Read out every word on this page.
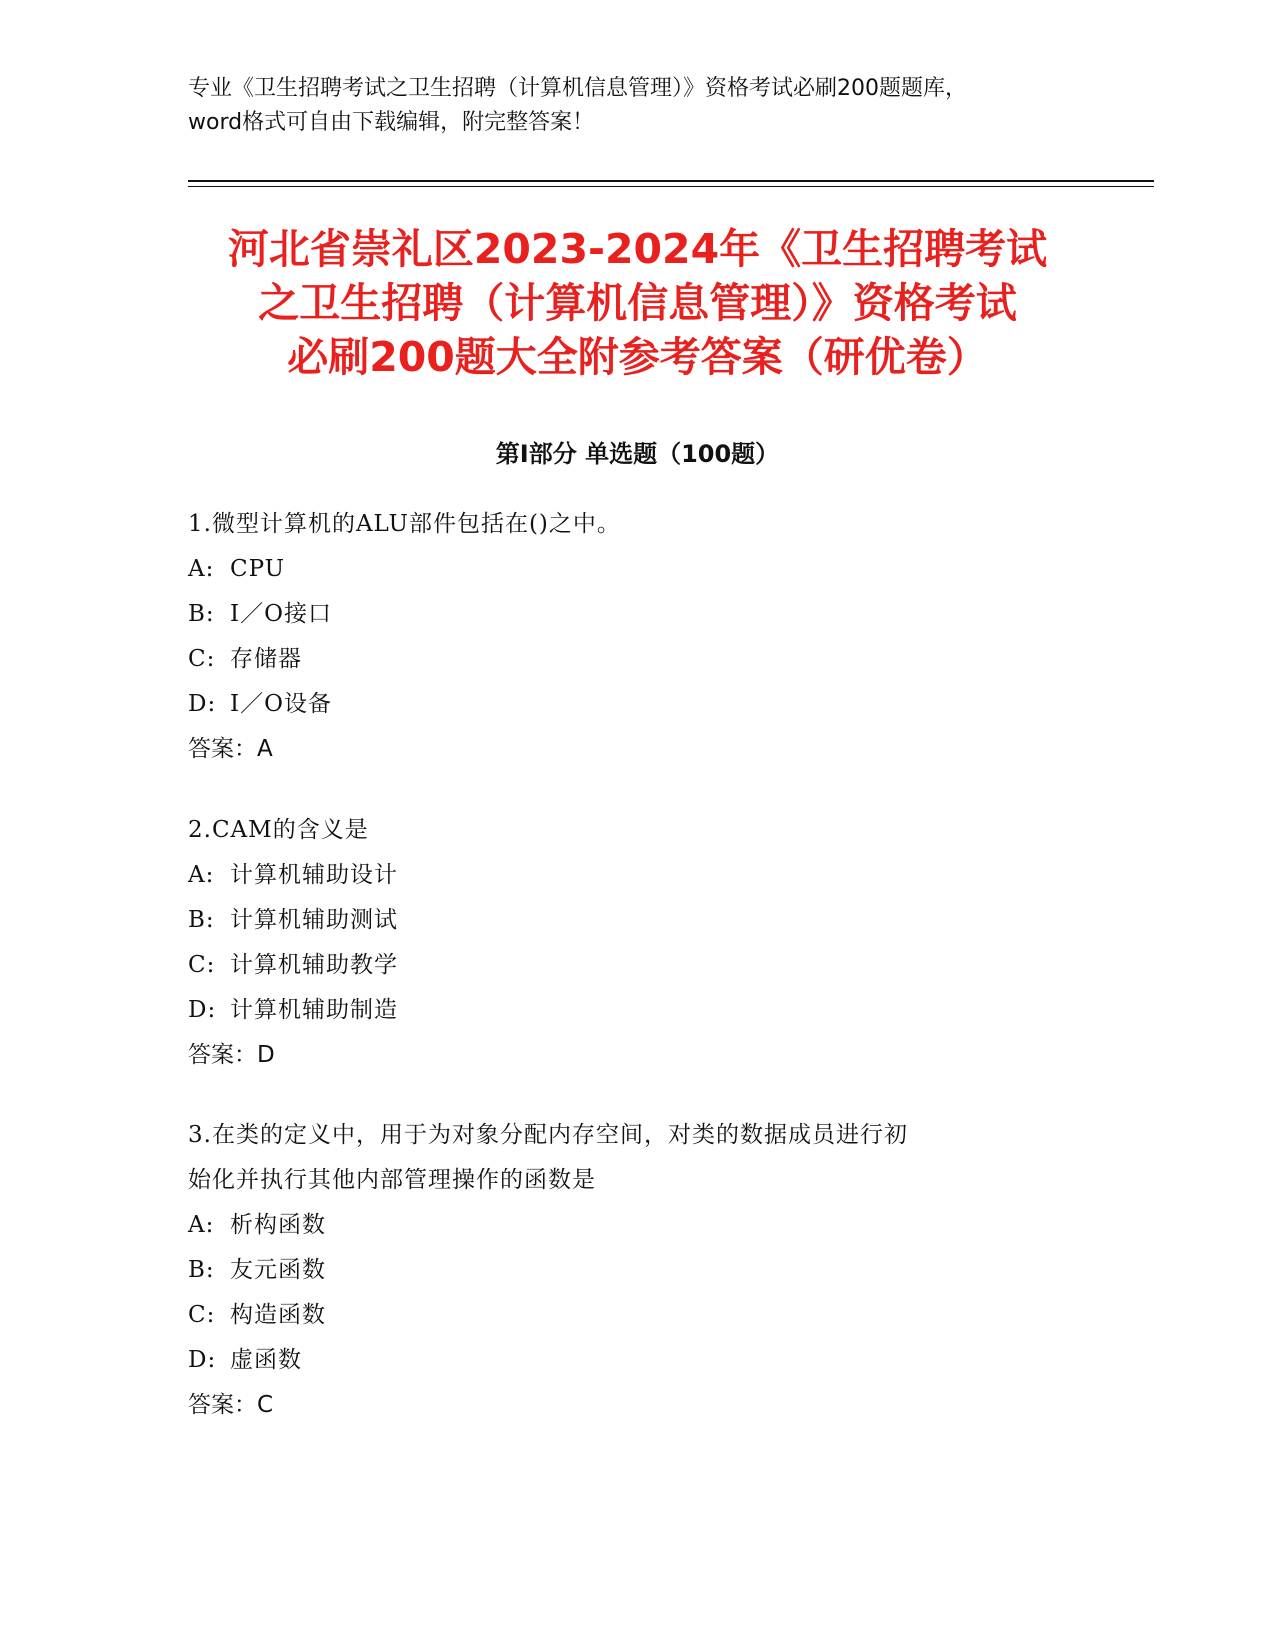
专业《卫生招聘考试之卫生招聘（计算机信息管理）》资格考试必刷200题题库，
word格式可自由下载编辑，附完整答案！
河北省崇礼区2023-2024年《卫生招聘考试
之卫生招聘（计算机信息管理）》资格考试
必刷200题大全附参考答案（研优卷）
第Ⅰ部分 单选题（100题）
1.微型计算机的ALU部件包括在()之中。
A: CPU
B: Ⅰ／O接口
C: 存储器
D: Ⅰ／O设备
答案：A
2.CAM的含义是
A: 计算机辅助设计
B: 计算机辅助测试
C: 计算机辅助教学
D: 计算机辅助制造
答案：D
3.在类的定义中，用于为对象分配内存空间，对类的数据成员进行初
始化并执行其他内部管理操作的函数是
A: 析构函数
B: 友元函数
C: 构造函数
D: 虚函数
答案：C
